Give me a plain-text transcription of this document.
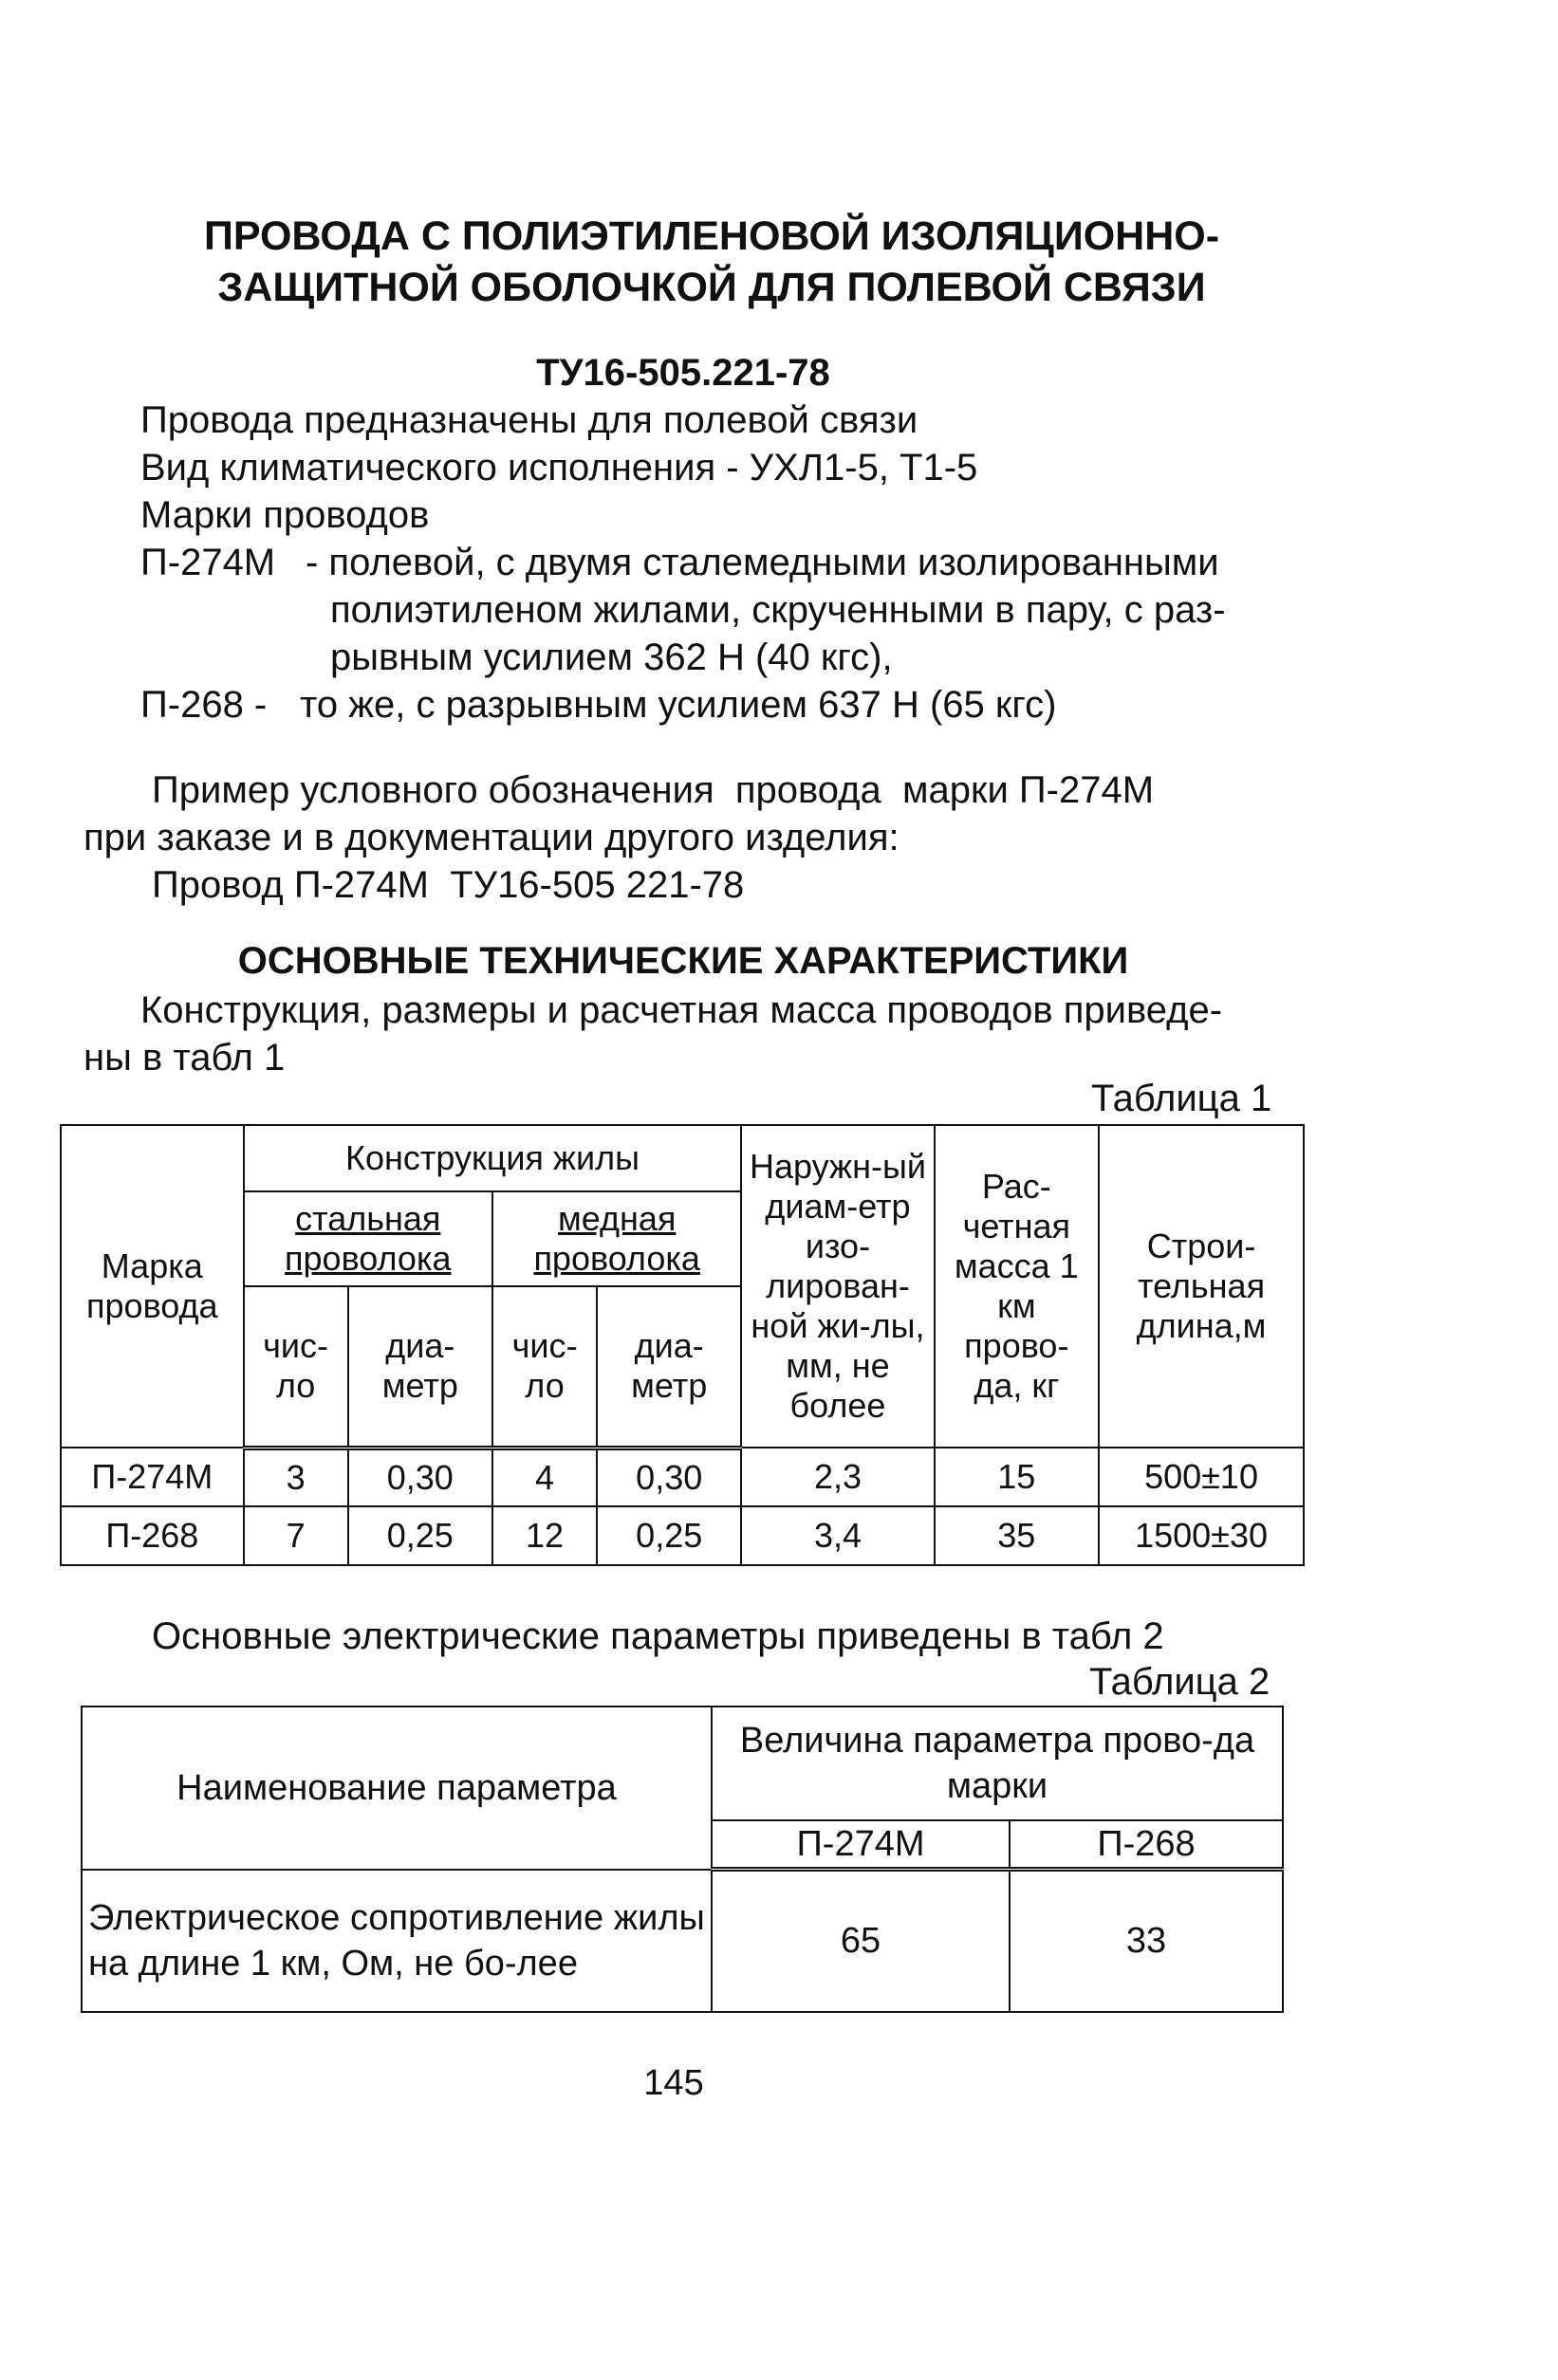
ПРОВОДА С ПОЛИЭТИЛЕНОВОЙ ИЗОЛЯЦИОННО-
ЗАЩИТНОЙ ОБОЛОЧКОЙ ДЛЯ ПОЛЕВОЙ СВЯЗИ
ТУ16-505.221-78
Провода предназначены для полевой связи
Вид климатического исполнения - УХЛ1-5, Т1-5
Марки проводов
П-274М - полевой, с двумя сталемедными изолированными
полиэтиленом жилами, скрученными в пару, с раз-
рывным усилием 362 Н (40 кгс),
П-268 - то же, с разрывным усилием 637 Н (65 кгс)
Пример условного обозначения  провода  марки П-274М
при заказе и в документации другого изделия:
Провод П-274М  ТУ16-505 221-78
ОСНОВНЫЕ ТЕХНИЧЕСКИЕ ХАРАКТЕРИСТИКИ
Конструкция, размеры и расчетная масса проводов приведе-
ны в табл 1
Таблица 1
Марка провода	Конструкция жилы				Наружн-ый диам-етр изо-лирован-ной жи-лы, мм, не более	Рас-четная масса 1 км прово-да, кг	Строи-тельная длина,м
	стальная проволока		медная проволока				
	чис-ло	диа-метр	чис-ло	диа-метр			
П-274М	3	0,30	4	0,30	2,3	15	500±10
П-268	7	0,25	12	0,25	3,4	35	1500±30
Основные электрические параметры приведены в табл 2
Таблица 2
Наименование параметра	Величина параметра прово-да марки	
	П-274М	П-268
Электрическое сопротивление жилы на длине 1 км, Ом, не бо-лее	65	33
145
